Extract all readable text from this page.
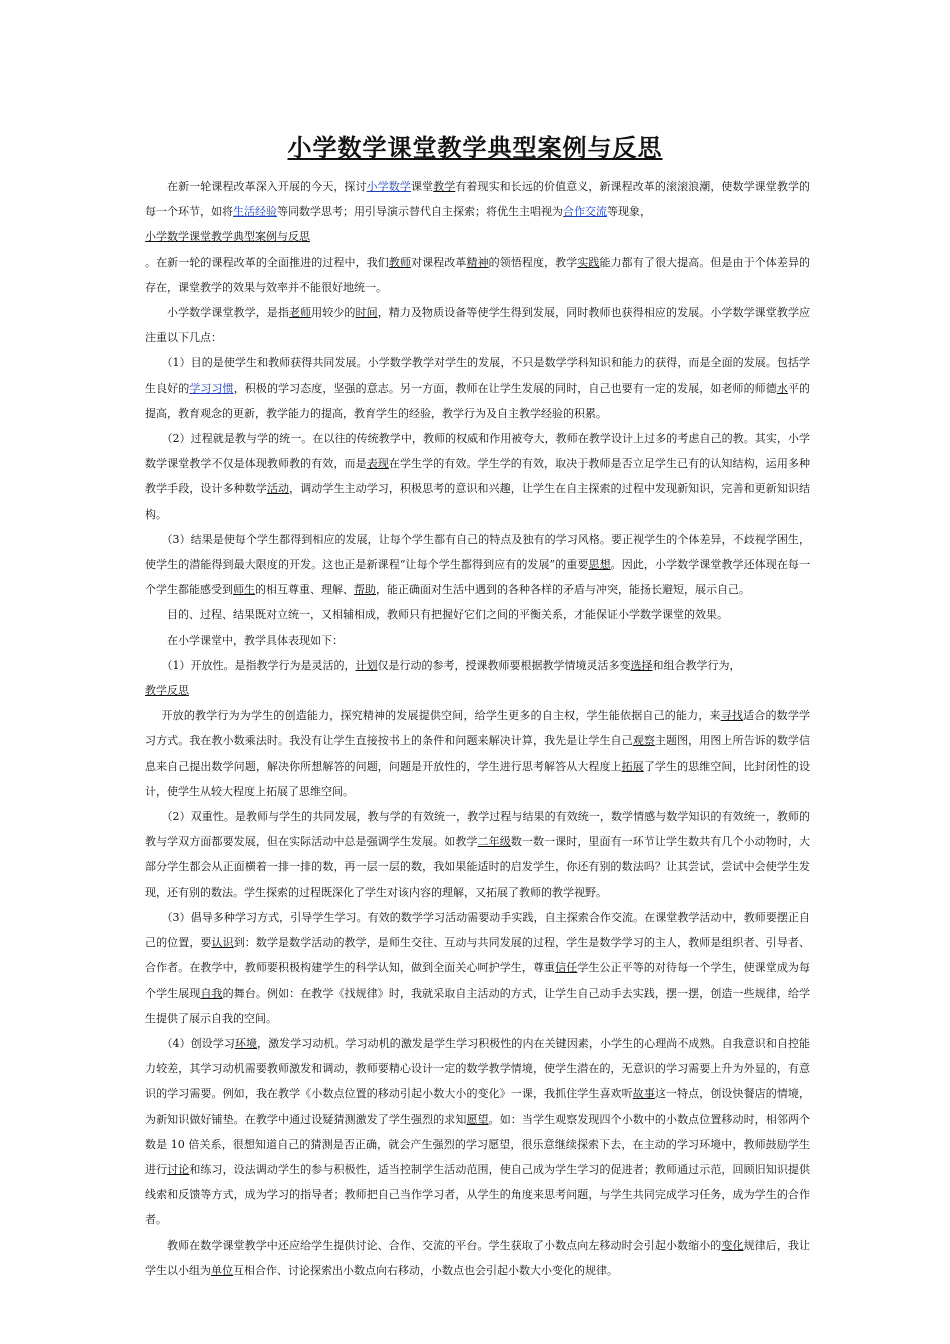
小学数学课堂教学典型案例与反思

在新一轮课程改革深入开展的今天，探讨小学数学课堂教学有着现实和长远的价值意义，新课程改革的滚滚浪潮，使数学课堂教学的每一个环节，如将生活经验等同数学思考；用引导演示替代自主探索；将优生主唱视为合作交流等现象，

小学数学课堂教学典型案例与反思

。在新一轮的课程改革的全面推进的过程中，我们教师对课程改革精神的领悟程度，教学实践能力都有了很大提高。但是由于个体差异的存在，课堂教学的效果与效率并不能很好地统一。

小学数学课堂教学，是指老师用较少的时间，精力及物质设备等使学生得到发展，同时教师也获得相应的发展。小学数学课堂教学应注重以下几点：

（1）目的是使学生和教师获得共同发展。小学数学教学对学生的发展，不只是数学学科知识和能力的获得，而是全面的发展。包括学生良好的学习习惯，积极的学习态度，坚强的意志。另一方面，教师在让学生发展的同时，自己也要有一定的发展，如老师的师德水平的提高，教育观念的更新，教学能力的提高，教育学生的经验，教学行为及自主教学经验的积累。

（2）过程就是教与学的统一。在以往的传统教学中，教师的权威和作用被夸大，教师在教学设计上过多的考虑自己的教。其实，小学数学课堂教学不仅是体现教师教的有效，而是表现在学生学的有效。学生学的有效，取决于教师是否立足学生已有的认知结构，运用多种教学手段，设计多种数学活动，调动学生主动学习，积极思考的意识和兴趣，让学生在自主探索的过程中发现新知识，完善和更新知识结构。

（3）结果是使每个学生都得到相应的发展，让每个学生都有自己的特点及独有的学习风格。要正视学生的个体差异，不歧视学困生，使学生的潜能得到最大限度的开发。这也正是新课程“让每个学生都得到应有的发展”的重要思想。因此，小学数学课堂教学还体现在每一个学生都能感受到师生的相互尊重、理解、帮助，能正确面对生活中遇到的各种各样的矛盾与冲突，能扬长避短，展示自己。

目的、过程、结果既对立统一，又相辅相成，教师只有把握好它们之间的平衡关系，才能保证小学数学课堂的效果。

在小学课堂中，教学具体表现如下：

（1）开放性。是指教学行为是灵活的，计划仅是行动的参考，授课教师要根据教学情境灵活多变选择和组合教学行为，

教学反思

开放的教学行为为学生的创造能力，探究精神的发展提供空间，给学生更多的自主权，学生能依据自己的能力，来寻找适合的数学学习方式。我在教小数乘法时。我没有让学生直接按书上的条件和问题来解决计算，我先是让学生自己观察主题图，用图上所告诉的数学信息来自己提出数学问题，解决你所想解答的问题，问题是开放性的，学生进行思考解答从大程度上拓展了学生的思维空间，比封闭性的设计，使学生从较大程度上拓展了思维空间。

（2）双重性。是教师与学生的共同发展，教与学的有效统一，教学过程与结果的有效统一，数学情感与数学知识的有效统一，教师的教与学双方面都要发展，但在实际活动中总是强调学生发展。如教学二年级数一数一课时，里面有一环节让学生数共有几个小动物时，大部分学生都会从正面横着一排一排的数，再一层一层的数，我如果能适时的启发学生，你还有别的数法吗？让其尝试，尝试中会使学生发现，还有别的数法。学生探索的过程既深化了学生对该内容的理解，又拓展了教师的教学视野。

（3）倡导多种学习方式，引导学生学习。有效的数学学习活动需要动手实践，自主探索合作交流。在课堂教学活动中，教师要摆正自己的位置，要认识到：数学是数学活动的教学，是师生交往、互动与共同发展的过程，学生是数学学习的主人，教师是组织者、引导者、合作者。在教学中，教师要积极构建学生的科学认知，做到全面关心呵护学生，尊重信任学生公正平等的对待每一个学生，使课堂成为每个学生展现自我的舞台。例如：在教学《找规律》时，我就采取自主活动的方式，让学生自己动手去实践，摆一摆，创造一些规律，给学生提供了展示自我的空间。

（4）创设学习环境，激发学习动机。学习动机的激发是学生学习积极性的内在关键因素，小学生的心理尚不成熟。自我意识和自控能力较差，其学习动机需要教师激发和调动，教师要精心设计一定的数学教学情境，使学生潜在的，无意识的学习需要上升为外显的，有意识的学习需要。例如，我在教学《小数点位置的移动引起小数大小的变化》一课，我抓住学生喜欢听故事这一特点，创设快餐店的情境，为新知识做好铺垫。在教学中通过设疑猜测激发了学生强烈的求知愿望。如：当学生观察发现四个小数中的小数点位置移动时，相邻两个数是 10 倍关系，很想知道自己的猜测是否正确，就会产生强烈的学习愿望，很乐意继续探索下去，在主动的学习环境中，教师鼓励学生进行讨论和练习，设法调动学生的参与积极性，适当控制学生活动范围，使自己成为学生学习的促进者；教师通过示范，回顾旧知识提供线索和反馈等方式，成为学习的指导者；教师把自己当作学习者，从学生的角度来思考问题，与学生共同完成学习任务，成为学生的合作者。

教师在数学课堂教学中还应给学生提供讨论、合作、交流的平台。学生获取了小数点向左移动时会引起小数缩小的变化规律后，我让学生以小组为单位互相合作、讨论探索出小数点向右移动，小数点也会引起小数大小变化的规律。
